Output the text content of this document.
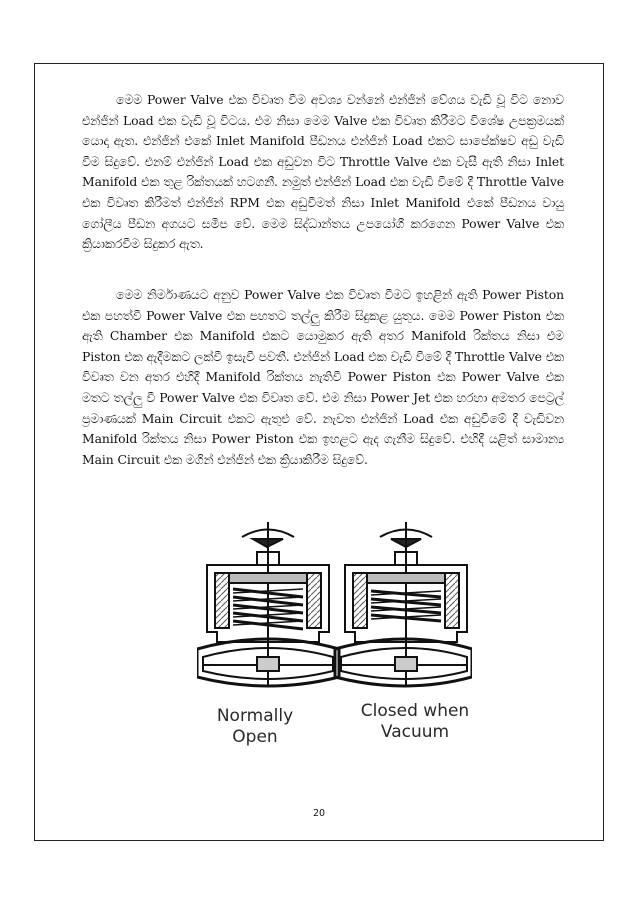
මෙම Power Valve එක විවෘත වීම අවශ්‍ය වන්නේ එන්ජින් වේගය වැඩි වූ විට නොව එන්ජින් Load එක වැඩි වූ විටය. එම නිසා මෙම Valve එක විවෘත කිරීමට විශේෂ උපක්‍රමයක් යොදා ඇත. එන්ජින් එකේ Inlet Manifold පීඩනය එන්ජින් Load එකට සාපේක්ෂව අඩු වැඩි වීම සිදුවේ. එනම් එන්ජින් Load එක අඩුවන විට Throttle Valve එක වැසී ඇති නිසා Inlet Manifold එක තුළ රික්තයක් හටගනී. නමුත් එන්ජින් Load එක වැඩි වීමේ දී Throttle Valve එක විවෘත කිරීමත් එන්ජින් RPM එක අඩුවීමත් නිසා Inlet Manifold එකේ පීඩනය වායු ගෝලීය පීඩන අගයට සමීප වේ. මෙම සිද්ධාන්තය උපයෝගී කරගෙන Power Valve එක ක්‍රියාකරවීම සිදුකර ඇත.

මෙම නිර්මාණයට අනුව Power Valve එක විවෘත වීමට ඉහළින් ඇති Power Piston එක පහත්වී Power Valve එක පහතට තල්ලු කිරීම සිදුකළ යුතුය. මෙම Power Piston එක ඇති Chamber එක Manifold එකට යොමුකර ඇති අතර Manifold රික්තය නිසා එම Piston එක ඇදීමකට ලක්වී ඉසැවී පවතී. එන්ජින් Load එක වැඩි වීමේ දී Throttle Valve එක විවෘත වන අතර එහිදී Manifold රික්තය නැතිවී Power Piston එක Power Valve එක මතට තල්ලු වී Power Valve එක විවෘත වේ. එම නිසා Power Jet එක හරහා අමතර පෙට්‍රල් ප්‍රමාණයක් Main Circuit එකට ඇතුළු වේ. නැවත එන්ජින් Load එක අඩුවීමේ දී වැඩිවන Manifold රික්තය නිසා Power Piston එක ඉහළට ඇද ගැනීම සිදුවේ. එහිදී යළිත් සාමාන්‍ය Main Circuit එක මගින් එන්ජින් එක ක්‍රියාකිරීම සිදුවේ.

Normally
Open
Closed when
Vacuum
20
